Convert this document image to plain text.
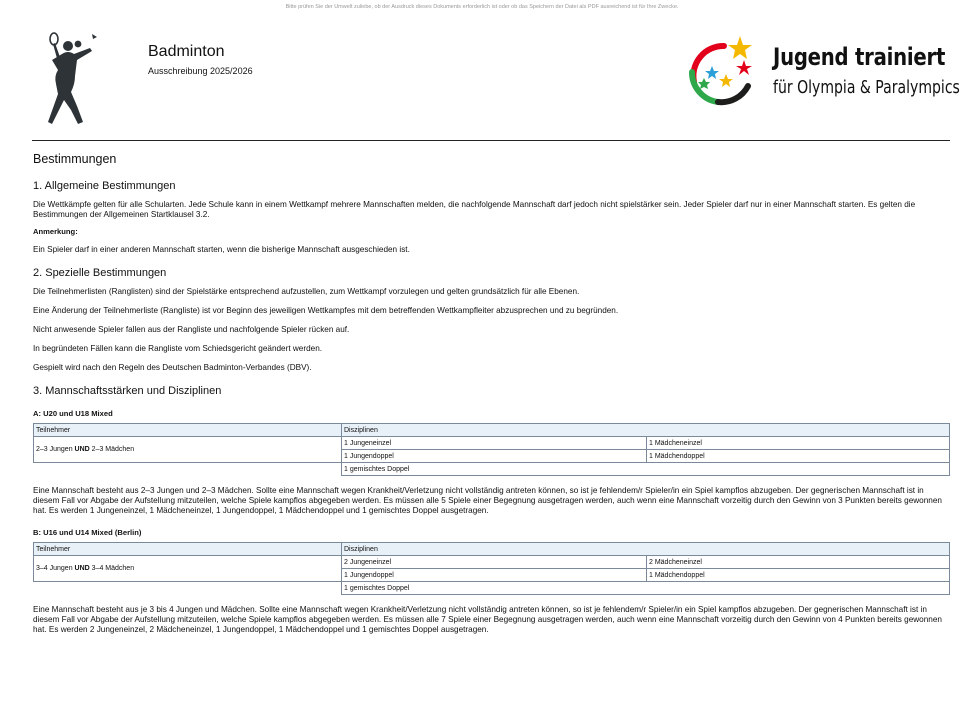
Bitte prüfen Sie der Umwelt zuliebe, ob der Ausdruck dieses Dokuments erforderlich ist oder ob das Speichern der Datei als PDF ausreichend ist für Ihre Zwecke.
Badminton
Ausschreibung 2025/2026	Jugend trainiert
für Olympia & Paralympics
Bestimmungen
1. Allgemeine Bestimmungen

Die Wettkämpfe gelten für alle Schularten. Jede Schule kann in einem Wettkampf mehrere Mannschaften melden, die nachfolgende Mannschaft darf jedoch nicht spielstärker sein. Jeder Spieler darf nur in einer Mannschaft starten. Es gelten die Bestimmungen der Allgemeinen Startklausel 3.2.

Anmerkung:

Ein Spieler darf in einer anderen Mannschaft starten, wenn die bisherige Mannschaft ausgeschieden ist.

2. Spezielle Bestimmungen

Die Teilnehmerlisten (Ranglisten) sind der Spielstärke entsprechend aufzustellen, zum Wettkampf vorzulegen und gelten grundsätzlich für alle Ebenen.

Eine Änderung der Teilnehmerliste (Rangliste) ist vor Beginn des jeweiligen Wettkampfes mit dem betreffenden Wettkampfleiter abzusprechen und zu begründen.

Nicht anwesende Spieler fallen aus der Rangliste und nachfolgende Spieler rücken auf.

In begründeten Fällen kann die Rangliste vom Schiedsgericht geändert werden.

Gespielt wird nach den Regeln des Deutschen Badminton-Verbandes (DBV).

3. Mannschaftsstärken und Disziplinen
A: U20 und U18 Mixed
Teilnehmer	Disziplinen	
2–3 Jungen UND 2–3 Mädchen	1 Jungeneinzel	1 Mädcheneinzel
	1 Jungendoppel	1 Mädchendoppel
	1 gemischtes Doppel	

Eine Mannschaft besteht aus 2–3 Jungen und 2–3 Mädchen. Sollte eine Mannschaft wegen Krankheit/Verletzung nicht vollständig antreten können, so ist je fehlendem/r Spieler/in ein Spiel kampflos abzugeben. Der gegnerischen Mannschaft ist in diesem Fall vor Abgabe der Aufstellung mitzuteilen, welche Spiele kampflos abgegeben werden. Es müssen alle 5 Spiele einer Begegnung ausgetragen werden, auch wenn eine Mannschaft vorzeitig durch den Gewinn von 3 Punkten bereits gewonnen hat. Es werden 1 Jungeneinzel, 1 Mädcheneinzel, 1 Jungendoppel, 1 Mädchendoppel und 1 gemischtes Doppel ausgetragen.

B: U16 und U14 Mixed (Berlin)
Teilnehmer	Disziplinen	
3–4 Jungen UND 3–4 Mädchen	2 Jungeneinzel	2 Mädcheneinzel
	1 Jungendoppel	1 Mädchendoppel
	1 gemischtes Doppel	

Eine Mannschaft besteht aus je 3 bis 4 Jungen und Mädchen. Sollte eine Mannschaft wegen Krankheit/Verletzung nicht vollständig antreten können, so ist je fehlendem/r Spieler/in ein Spiel kampflos abzugeben. Der gegnerischen Mannschaft ist in diesem Fall vor Abgabe der Aufstellung mitzuteilen, welche Spiele kampflos abgegeben werden. Es müssen alle 7 Spiele einer Begegnung ausgetragen werden, auch wenn eine Mannschaft vorzeitig durch den Gewinn von 4 Punkten bereits gewonnen hat. Es werden 2 Jungeneinzel, 2 Mädcheneinzel, 1 Jungendoppel, 1 Mädchendoppel und 1 gemischtes Doppel ausgetragen.
